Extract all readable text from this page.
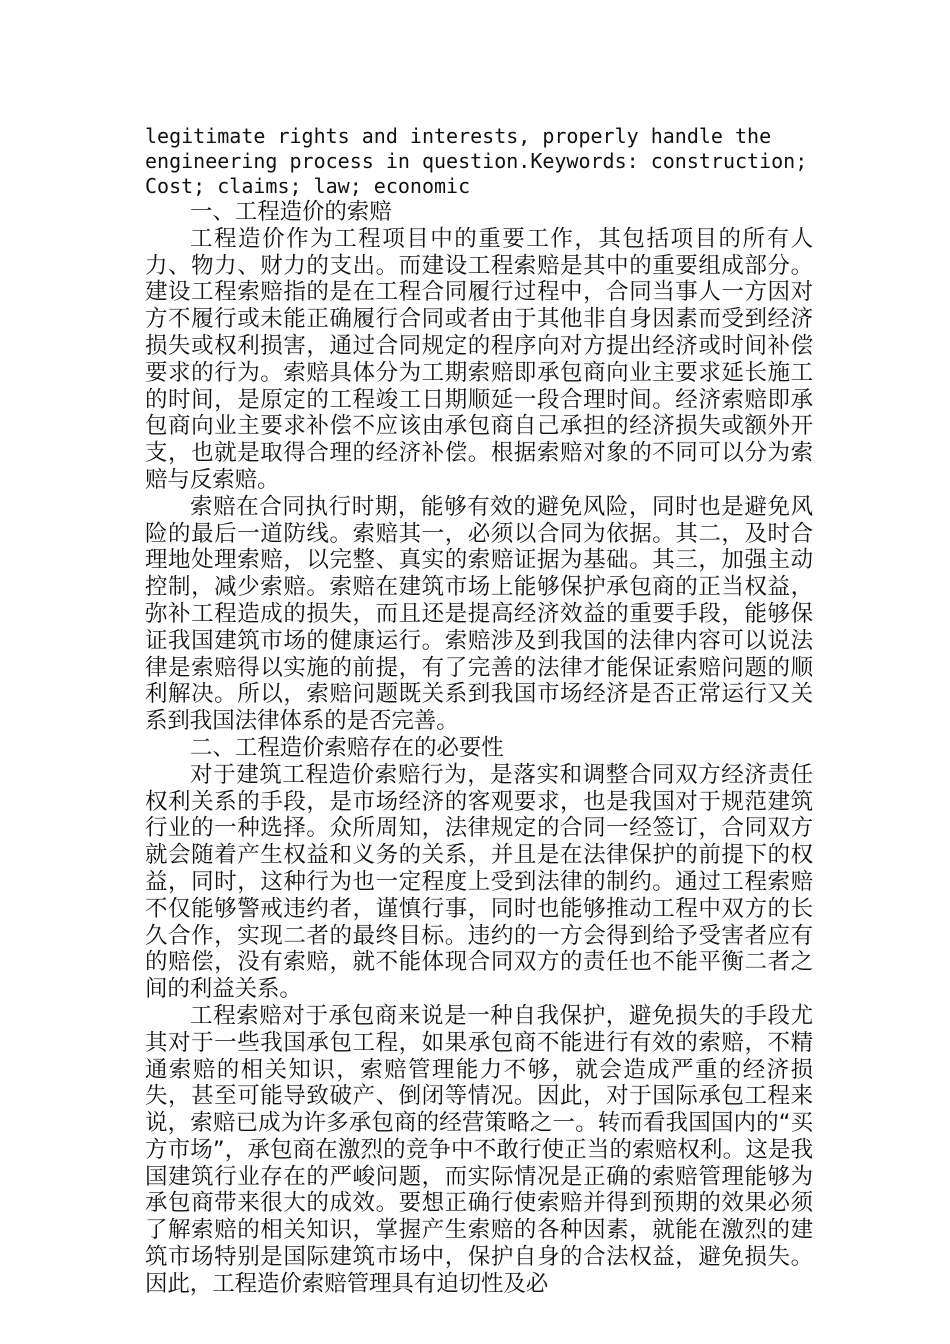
legitimate rights and interests, properly handle the engineering process in question.Keywords: construction; Cost; claims; law; economic

一、工程造价的索赔

工程造价作为工程项目中的重要工作，其包括项目的所有人力、物力、财力的支出。而建设工程索赔是其中的重要组成部分。建设工程索赔指的是在工程合同履行过程中，合同当事人一方因对方不履行或未能正确履行合同或者由于其他非自身因素而受到经济损失或权利损害，通过合同规定的程序向对方提出经济或时间补偿要求的行为。索赔具体分为工期索赔即承包商向业主要求延长施工的时间，是原定的工程竣工日期顺延一段合理时间。经济索赔即承包商向业主要求补偿不应该由承包商自己承担的经济损失或额外开支，也就是取得合理的经济补偿。根据索赔对象的不同可以分为索赔与反索赔。

索赔在合同执行时期，能够有效的避免风险，同时也是避免风险的最后一道防线。索赔其一，必须以合同为依据。其二，及时合理地处理索赔，以完整、真实的索赔证据为基础。其三，加强主动控制，减少索赔。索赔在建筑市场上能够保护承包商的正当权益，弥补工程造成的损失，而且还是提高经济效益的重要手段，能够保证我国建筑市场的健康运行。索赔涉及到我国的法律内容可以说法律是索赔得以实施的前提，有了完善的法律才能保证索赔问题的顺利解决。所以，索赔问题既关系到我国市场经济是否正常运行又关系到我国法律体系的是否完善。

二、工程造价索赔存在的必要性

对于建筑工程造价索赔行为，是落实和调整合同双方经济责任权利关系的手段，是市场经济的客观要求，也是我国对于规范建筑行业的一种选择。众所周知，法律规定的合同一经签订，合同双方就会随着产生权益和义务的关系，并且是在法律保护的前提下的权益，同时，这种行为也一定程度上受到法律的制约。通过工程索赔不仅能够警戒违约者，谨慎行事，同时也能够推动工程中双方的长久合作，实现二者的最终目标。违约的一方会得到给予受害者应有的赔偿，没有索赔，就不能体现合同双方的责任也不能平衡二者之间的利益关系。

工程索赔对于承包商来说是一种自我保护，避免损失的手段尤其对于一些我国承包工程，如果承包商不能进行有效的索赔，不精通索赔的相关知识，索赔管理能力不够，就会造成严重的经济损失，甚至可能导致破产、倒闭等情况。因此，对于国际承包工程来说，索赔已成为许多承包商的经营策略之一。转而看我国国内的“买方市场”，承包商在激烈的竞争中不敢行使正当的索赔权利。这是我国建筑行业存在的严峻问题，而实际情况是正确的索赔管理能够为承包商带来很大的成效。要想正确行使索赔并得到预期的效果必须了解索赔的相关知识，掌握产生索赔的各种因素，就能在激烈的建筑市场特别是国际建筑市场中，保护自身的合法权益，避免损失。因此，工程造价索赔管理具有迫切性及必
